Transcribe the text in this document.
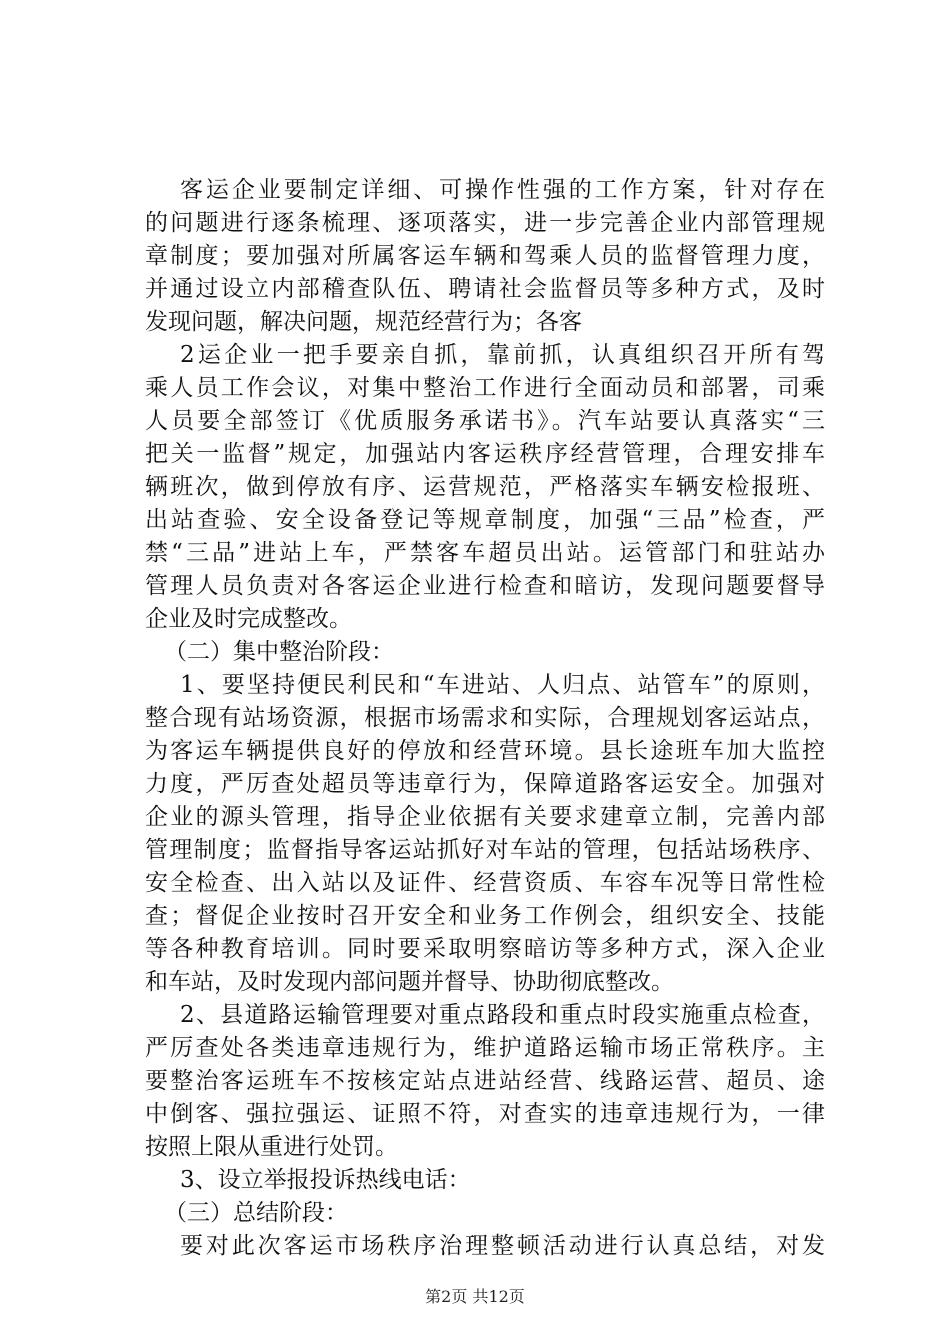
客运企业要制定详细、可操作性强的工作方案，针对存在
的问题进行逐条梳理、逐项落实，进一步完善企业内部管理规
章制度；要加强对所属客运车辆和驾乘人员的监督管理力度，
并通过设立内部稽查队伍、聘请社会监督员等多种方式，及时
发现问题，解决问题，规范经营行为；各客
2运企业一把手要亲自抓，靠前抓，认真组织召开所有驾
乘人员工作会议，对集中整治工作进行全面动员和部署，司乘
人员要全部签订《优质服务承诺书》。汽车站要认真落实“三
把关一监督”规定，加强站内客运秩序经营管理，合理安排车
辆班次，做到停放有序、运营规范，严格落实车辆安检报班、
出站查验、安全设备登记等规章制度，加强“三品”检查，严
禁“三品”进站上车，严禁客车超员出站。运管部门和驻站办
管理人员负责对各客运企业进行检查和暗访，发现问题要督导
企业及时完成整改。
（二）集中整治阶段：
1、要坚持便民利民和“车进站、人归点、站管车”的原则，
整合现有站场资源，根据市场需求和实际，合理规划客运站点，
为客运车辆提供良好的停放和经营环境。县长途班车加大监控
力度，严厉查处超员等违章行为，保障道路客运安全。加强对
企业的源头管理，指导企业依据有关要求建章立制，完善内部
管理制度；监督指导客运站抓好对车站的管理，包括站场秩序、
安全检查、出入站以及证件、经营资质、车容车况等日常性检
查；督促企业按时召开安全和业务工作例会，组织安全、技能
等各种教育培训。同时要采取明察暗访等多种方式，深入企业
和车站，及时发现内部问题并督导、协助彻底整改。
2、县道路运输管理要对重点路段和重点时段实施重点检查，
严厉查处各类违章违规行为，维护道路运输市场正常秩序。主
要整治客运班车不按核定站点进站经营、线路运营、超员、途
中倒客、强拉强运、证照不符，对查实的违章违规行为，一律
按照上限从重进行处罚。
3、设立举报投诉热线电话：
（三）总结阶段：
要对此次客运市场秩序治理整顿活动进行认真总结，对发
第2页 共12页
